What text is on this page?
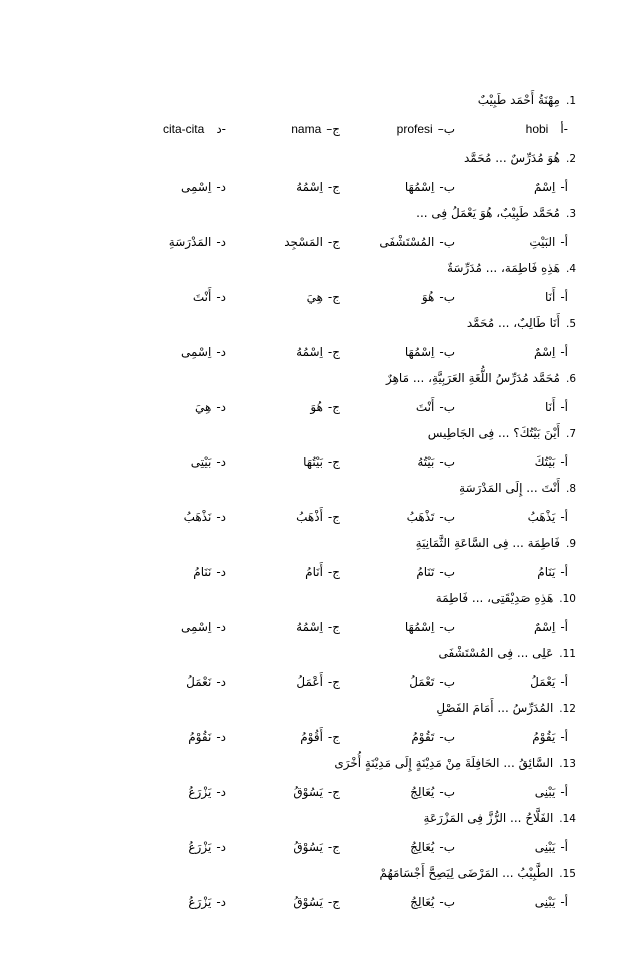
1.مِهْنَةُ أَحْمَد طَبِيْبٌ
أ-hobi
ب–profesi
ج–nama
د-cita-cita
2.هُوَ مُدَرِّسٌ ... مُحَمَّد
أ-اِسْمٌ
ب-اِسْمُهَا
ج-اِسْمُهُ
د-اِسْمِى
3.مُحَمَّد طَبِيْبٌ، هُوَ يَعْمَلُ فِى ...
أ-البَيْتِ
ب-المُسْتَشْفَى
ج-المَسْجِد
د-المَدْرَسَةِ
4.هَذِهِ فَاطِمَة، ... مُدَرِّسَةٌ
أ-أَنَا
ب-هُوَ
ج-هِيَ
د-أَنْتَ
5.أَنَا طَالِبٌ، ... مُحَمَّد
أ-اِسْمٌ
ب-اِسْمُهَا
ج-اِسْمُهُ
د-اِسْمِى
6.مُحَمَّد مُدَرِّسُ اللُّغَةِ العَرَبِيَّةِ، ... مَاهِرٌ
أ-أَنَا
ب-أَنْتَ
ج-هُوَ
د-هِيَ
7.أَيْنَ بَيْتُكَ؟ ... فِى الجَاطِيس
أ-بَيْتُكَ
ب-بَيْتُهُ
ج-بَيْتُهَا
د-بَيْتِى
8.أَنْتَ ... إِلَى المَدْرَسَةِ
أ-يَذْهَبُ
ب-تَذْهَبُ
ج-أَذْهَبُ
د-نَذْهَبُ
9.فَاطِمَة ... فِى السَّاعَةِ الثَّمَانِيَةِ
أ-يَنَامُ
ب-تَنَامُ
ج-أَنَامُ
د-نَنَامُ
10.هَذِهِ صَدِيْقَتِى، ... فَاطِمَة
أ-اِسْمٌ
ب-اِسْمُهَا
ج-اِسْمُهُ
د-اِسْمِى
11.عَلِى ... فِى المُسْتَشْفَى
أ-يَعْمَلُ
ب-تَعْمَلُ
ج-أَعْمَلُ
د-نَعْمَلُ
12.المُدَرِّسُ ... أَمَامَ الفَصْلِ
أ-يَقُوْمُ
ب-تَقُوْمُ
ج-أَقُوْمُ
د-نَقُوْمُ
13.السَّائِقُ ... الحَافِلَةَ مِنْ مَدِيْنَةٍ إِلَى مَدِيْنَةٍ أُخْرَى
أ-يَبْنِى
ب-يُعَالِجُ
ج-يَسُوْقُ
د-يَزْرَعُ
14.الفَلَّاحُ ... الرُّزَّ فِى المَزْرَعَةِ
أ-يَبْنِى
ب-يُعَالِجُ
ج-يَسُوْقُ
د-يَزْرَعُ
15.الطَّبِيْبُ ... المَرْضَى لِيَصِحَّ أَجْسَامَهُمْ
أ-يَبْنِى
ب-يُعَالِجُ
ج-يَسُوْقُ
د-يَزْرَعُ
